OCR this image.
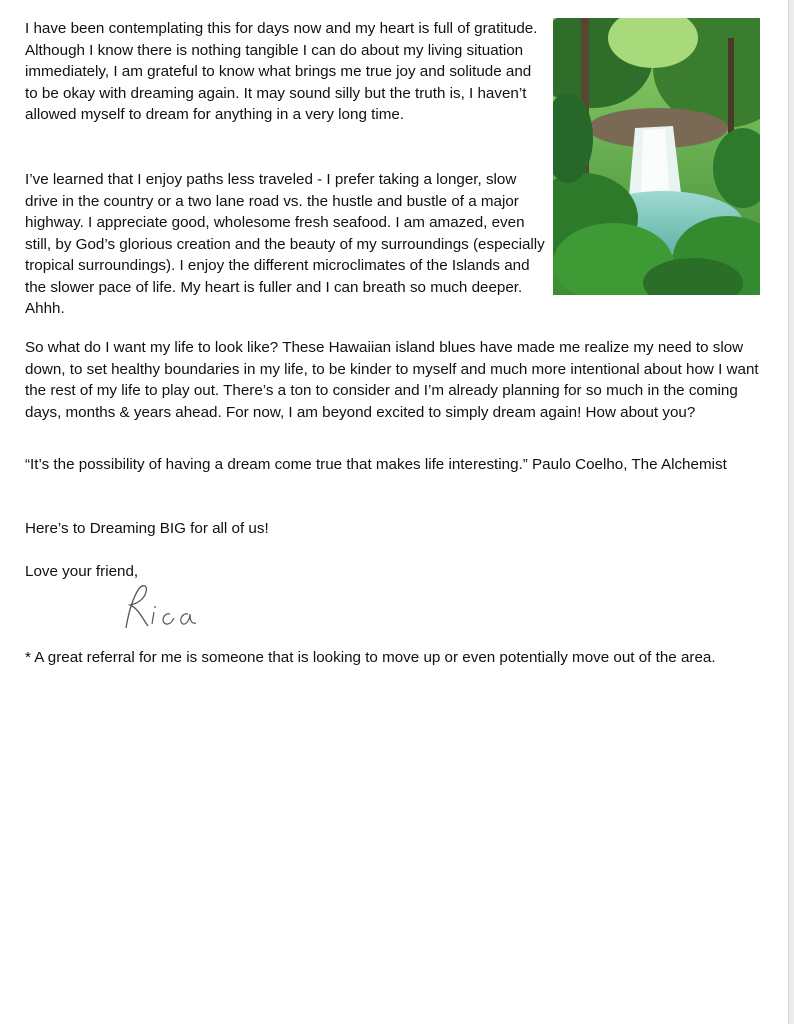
I have been contemplating this for days now and my heart is full of gratitude. Although I know there is nothing tangible I can do about my living situation immediately, I am grateful to know what brings me true joy and solitude and to be okay with dreaming again. It may sound silly but the truth is, I haven’t allowed myself to dream for anything in a very long time.
I’ve learned that I enjoy paths less traveled - I prefer taking a longer, slow drive in the country or a two lane road vs. the hustle and bustle of a major highway. I appreciate good, wholesome fresh seafood. I am amazed, even still, by God’s glorious creation and the beauty of my surroundings (especially tropical surroundings). I enjoy the different microclimates of the Islands and the slower pace of life. My heart is fuller and I can breath so much deeper. Ahhh.
So what do I want my life to look like? These Hawaiian island blues have made me realize my need to slow down, to set healthy boundaries in my life, to be kinder to myself and much more intentional about how I want the rest of my life to play out. There’s a ton to consider and I’m already planning for so much in the coming days, months & years ahead. For now, I am beyond excited to simply dream again! How about you?
“It’s the possibility of having a dream come true that makes life interesting.” Paulo Coelho, The Alchemist
Here’s to Dreaming BIG for all of us!
Love your friend,
* A great referral for me is someone that is looking to move up or even potentially move out of the area.
